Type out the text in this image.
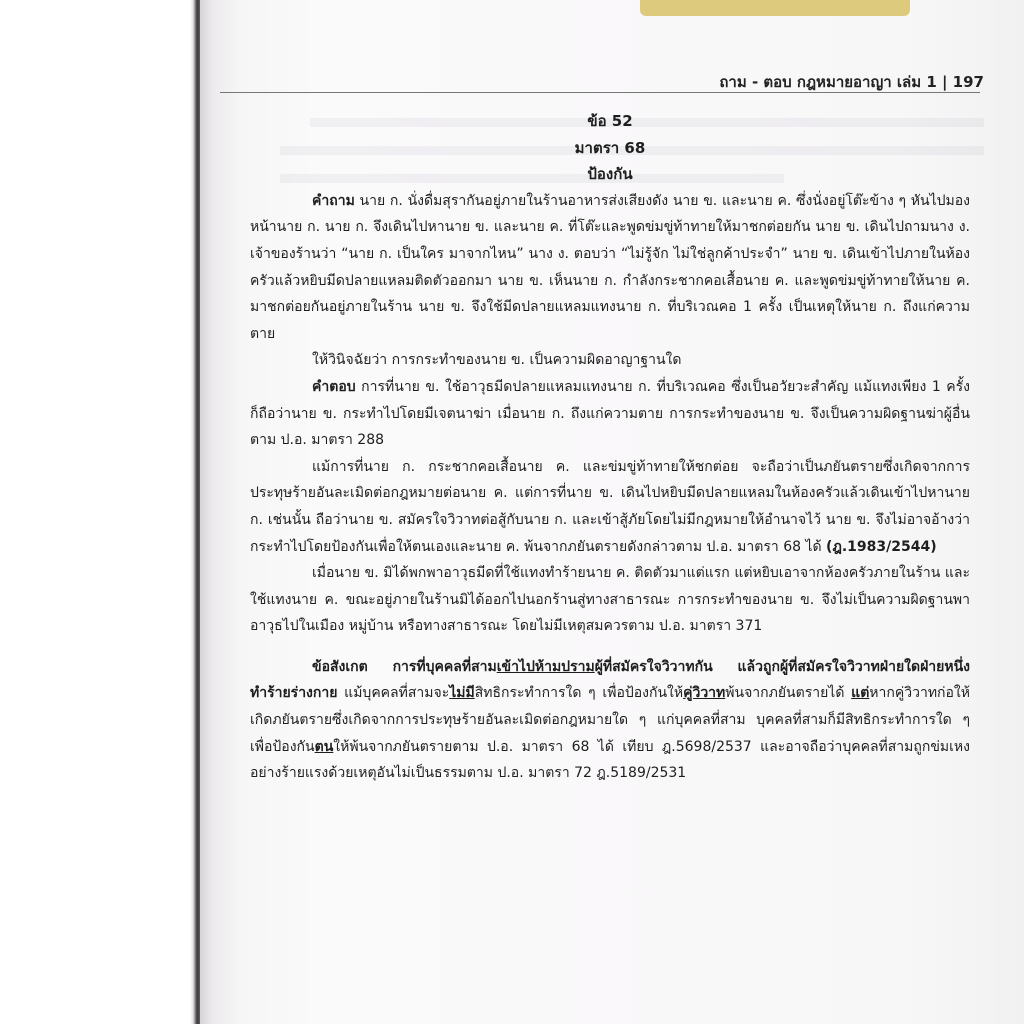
ถาม - ตอบ กฎหมายอาญา เล่ม 1 | 197
ข้อ 52
มาตรา 68
ป้องกัน

คำถาม นาย ก. นั่งดื่มสุรากันอยู่ภายในร้านอาหารส่งเสียงดัง นาย ข. และนาย ค. ซึ่งนั่งอยู่โต๊ะข้าง ๆ หันไปมองหน้านาย ก. นาย ก. จึงเดินไปหานาย ข. และนาย ค. ที่โต๊ะและพูดข่มขู่ท้าทายให้มาชกต่อยกัน นาย ข. เดินไปถามนาง ง. เจ้าของร้านว่า “นาย ก. เป็นใคร มาจากไหน” นาง ง. ตอบว่า “ไม่รู้จัก ไม่ใช่ลูกค้าประจำ” นาย ข. เดินเข้าไปภายในห้องครัวแล้วหยิบมีดปลายแหลมติดตัวออกมา นาย ข. เห็นนาย ก. กำลังกระชากคอเสื้อนาย ค. และพูดข่มขู่ท้าทายให้นาย ค. มาชกต่อยกันอยู่ภายในร้าน นาย ข. จึงใช้มีดปลายแหลมแทงนาย ก. ที่บริเวณคอ 1 ครั้ง เป็นเหตุให้นาย ก. ถึงแก่ความตาย

ให้วินิจฉัยว่า การกระทำของนาย ข. เป็นความผิดอาญาฐานใด

คำตอบ การที่นาย ข. ใช้อาวุธมีดปลายแหลมแทงนาย ก. ที่บริเวณคอ ซึ่งเป็นอวัยวะสำคัญ แม้แทงเพียง 1 ครั้ง ก็ถือว่านาย ข. กระทำไปโดยมีเจตนาฆ่า เมื่อนาย ก. ถึงแก่ความตาย การกระทำของนาย ข. จึงเป็นความผิดฐานฆ่าผู้อื่นตาม ป.อ. มาตรา 288

แม้การที่นาย ก. กระชากคอเสื้อนาย ค. และข่มขู่ท้าทายให้ชกต่อย จะถือว่าเป็นภยันตรายซึ่งเกิดจากการประทุษร้ายอันละเมิดต่อกฎหมายต่อนาย ค. แต่การที่นาย ข. เดินไปหยิบมีดปลายแหลมในห้องครัวแล้วเดินเข้าไปหานาย ก. เช่นนั้น ถือว่านาย ข. สมัครใจวิวาทต่อสู้กับนาย ก. และเข้าสู้ภัยโดยไม่มีกฎหมายให้อำนาจไว้ นาย ข. จึงไม่อาจอ้างว่ากระทำไปโดยป้องกันเพื่อให้ตนเองและนาย ค. พ้นจากภยันตรายดังกล่าวตาม ป.อ. มาตรา 68 ได้ (ฎ.1983/2544)

เมื่อนาย ข. มิได้พกพาอาวุธมีดที่ใช้แทงทำร้ายนาย ค. ติดตัวมาแต่แรก แต่หยิบเอาจากห้องครัวภายในร้าน และใช้แทงนาย ค. ขณะอยู่ภายในร้านมิได้ออกไปนอกร้านสู่ทางสาธารณะ การกระทำของนาย ข. จึงไม่เป็นความผิดฐานพาอาวุธไปในเมือง หมู่บ้าน หรือทางสาธารณะ โดยไม่มีเหตุสมควรตาม ป.อ. มาตรา 371

ข้อสังเกต การที่บุคคลที่สามเข้าไปห้ามปรามผู้ที่สมัครใจวิวาทกัน แล้วถูกผู้ที่สมัครใจวิวาทฝ่ายใดฝ่ายหนึ่งทำร้ายร่างกาย แม้บุคคลที่สามจะไม่มีสิทธิกระทำการใด ๆ เพื่อป้องกันให้คู่วิวาทพ้นจากภยันตรายได้ แต่หากคู่วิวาทก่อให้เกิดภยันตรายซึ่งเกิดจากการประทุษร้ายอันละเมิดต่อกฎหมายใด ๆ แก่บุคคลที่สาม บุคคลที่สามก็มีสิทธิกระทำการใด ๆ เพื่อป้องกันตนให้พ้นจากภยันตรายตาม ป.อ. มาตรา 68 ได้ เทียบ ฎ.5698/2537 และอาจถือว่าบุคคลที่สามถูกข่มเหงอย่างร้ายแรงด้วยเหตุอันไม่เป็นธรรมตาม ป.อ. มาตรา 72 ฎ.5189/2531
